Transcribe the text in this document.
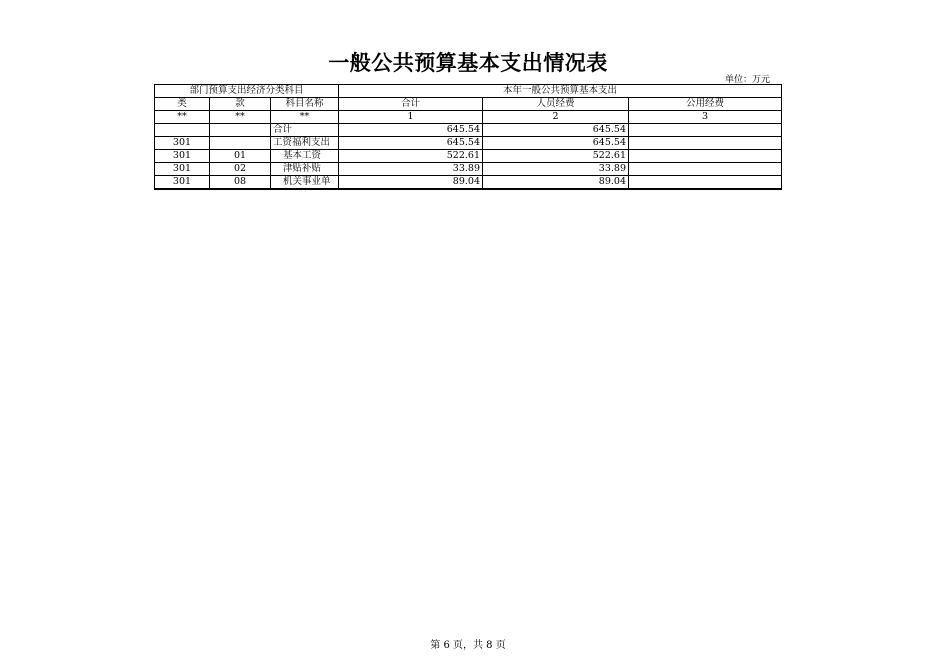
一般公共预算基本支出情况表
单位：万元
部门预算支出经济分类科目			本年一般公共预算基本支出		
类	款	科目名称	合计	人员经费	公用经费
**	**	**	1	2	3
		合计	645.54	645.54	
301		工资福利支出	645.54	645.54	
301	01	基本工资	522.61	522.61	
301	02	津贴补贴	33.89	33.89	
301	08	机关事业单	89.04	89.04	
第 6 页，共 8 页
